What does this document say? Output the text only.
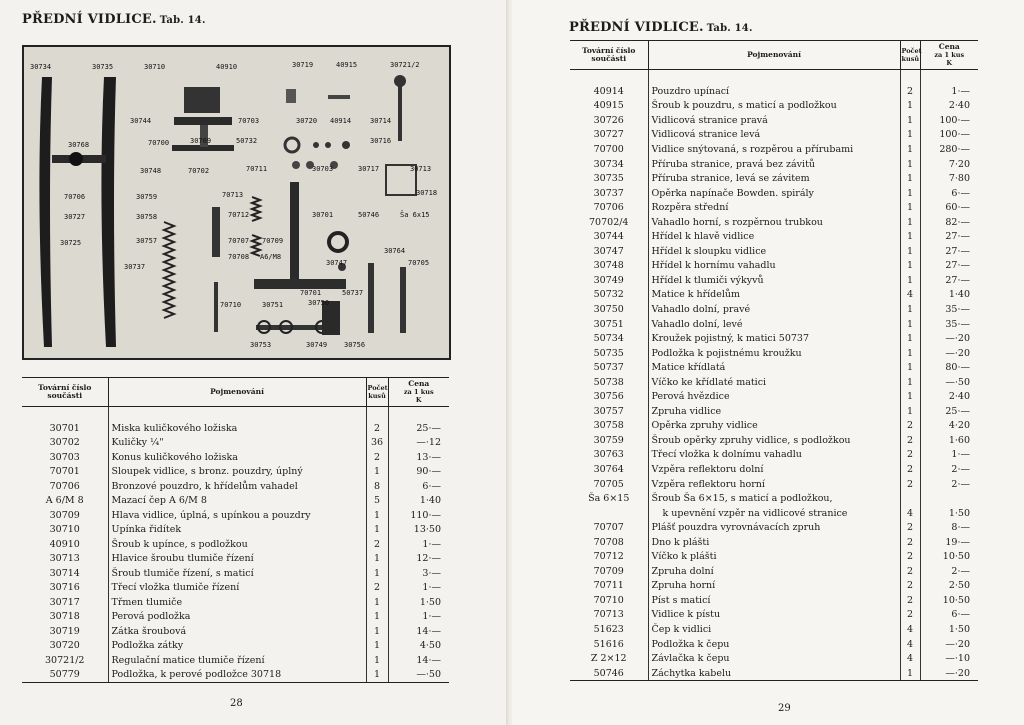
PŘEDNÍ VIDLICE. Tab. 14.
30734	30735	30710	40910	30719	40915	30721/2
30744	70703	30720 40914	30714
30768	70700	30709	50732	30716
30748	70702	70711	30703	30717	30713
70706	70713	30718
30759
30758	70712	30701	50746	Ša 6x15
30727
70707 70709
30725	30757
70708 A6/M8
30747
30764
30737	70705
70701	50737
70710	30751	30750
30753	30749 30756
Tovární číslo součásti	Pojmenování	Počet kusů	Cena
za 1 kus
K

30701	Miska kuličkového ložiska	2	25·—
30702	Kuličky ¼"	36	—·12
30703	Konus kuličkového ložiska	2	13·—
70701	Sloupek vidlice, s bronz. pouzdry, úplný	1	90·—
70706	Bronzové pouzdro, k hřídelům vahadel	8	6·—
A 6/M 8	Mazací čep A 6/M 8	5	1·40
30709	Hlava vidlice, úplná, s upínkou a pouzdry	1	110·—
30710	Upínka řidítek	1	13·50
40910	Šroub k upínce, s podložkou	2	1·—
30713	Hlavice šroubu tlumiče řízení	1	12·—
30714	Šroub tlumiče řízení, s maticí	1	3·—
30716	Třecí vložka tlumiče řízení	2	1·—
30717	Třmen tlumiče	1	1·50
30718	Perová podložka	1	1·—
30719	Zátka šroubová	1	14·—
30720	Podložka zátky	1	4·50
30721/2	Regulační matice tlumiče řízení	1	14·—
50779	Podložka, k perové podložce 30718	1	—·50
28
PŘEDNÍ VIDLICE. Tab. 14.
Tovární číslo součásti	Pojmenování	Počet kusů	Cena
za 1 kus
K

40914	Pouzdro upínací	2	1·—
40915	Šroub k pouzdru, s maticí a podložkou	1	2·40
30726	Vidlicová stranice pravá	1	100·—
30727	Vidlicová stranice levá	1	100·—
70700	Vidlice snýtovaná, s rozpěrou a přírubami	1	280·—
30734	Příruba stranice, pravá bez závitů	1	7·20
30735	Příruba stranice, levá se závitem	1	7·80
30737	Opěrka napínače Bowden. spirály	1	6·—
70706	Rozpěra střední	1	60·—
70702/4	Vahadlo horní, s rozpěrnou trubkou	1	82·—
30744	Hřídel k hlavě vidlice	1	27·—
30747	Hřídel k sloupku vidlice	1	27·—
30748	Hřídel k hornímu vahadlu	1	27·—
30749	Hřídel k tlumiči výkyvů	1	27·—
50732	Matice k hřídelům	4	1·40
30750	Vahadlo dolní, pravé	1	35·—
30751	Vahadlo dolní, levé	1	35·—
50734	Kroužek pojistný, k matici 50737	1	—·20
50735	Podložka k pojistnému kroužku	1	—·20
50737	Matice křídlatá	1	80·—
50738	Víčko ke křídlaté matici	1	—·50
30756	Perová hvězdice	1	2·40
30757	Zpruha vidlice	1	25·—
30758	Opěrka zpruhy vidlice	2	4·20
30759	Šroub opěrky zpruhy vidlice, s podložkou	2	1·60
30763	Třecí vložka k dolnímu vahadlu	2	1·—
30764	Vzpěra reflektoru dolní	2	2·—
70705	Vzpěra reflektoru horní	2	2·—
Ša 6×15	Šroub Ša 6×15, s maticí a podložkou,		
	k upevnění vzpěr na vidlicové stranice	4	1·50
70707	Plášť pouzdra vyrovnávacích zpruh	2	8·—
70708	Dno k plášti	2	19·—
70712	Víčko k plášti	2	10·50
70709	Zpruha dolní	2	2·—
70711	Zpruha horní	2	2·50
70710	Píst s maticí	2	10·50
70713	Vidlice k pístu	2	6·—
51623	Čep k vidlici	4	1·50
51616	Podložka k čepu	4	—·20
Z 2×12	Závlačka k čepu	4	—·10
50746	Záchytka kabelu	1	—·20
29
